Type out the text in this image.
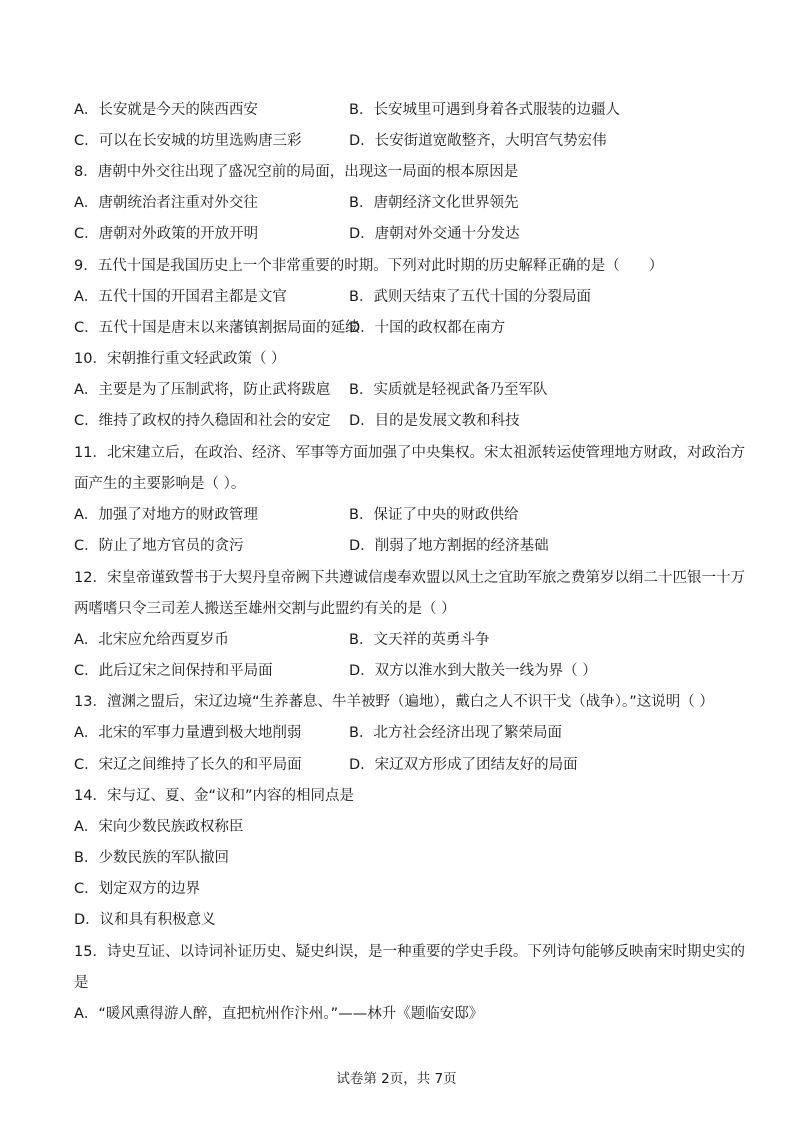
A．长安就是今天的陕西西安	B．长安城里可遇到身着各式服装的边疆人
C．可以在长安城的坊里选购唐三彩	D．长安街道宽敞整齐，大明宫气势宏伟
8．唐朝中外交往出现了盛况空前的局面，出现这一局面的根本原因是
A．唐朝统治者注重对外交往	B．唐朝经济文化世界领先
C．唐朝对外政策的开放开明	D．唐朝对外交通十分发达
9．五代十国是我国历史上一个非常重要的时期。下列对此时期的历史解释正确的是（　　）
A．五代十国的开国君主都是文官	B．武则天结束了五代十国的分裂局面
C．五代十国是唐末以来藩镇割据局面的延续
D．十国的政权都在南方
10．宋朝推行重文轻武政策（ ）
A．主要是为了压制武将，防止武将跋扈 B．实质就是轻视武备乃至军队
C．维持了政权的持久稳固和社会的安定 D．目的是发展文教和科技
11．北宋建立后，在政治、经济、军事等方面加强了中央集权。宋太祖派转运使管理地方财政，对政治方
面产生的主要影响是（ ）。
A．加强了对地方的财政管理	B．保证了中央的财政供给
C．防止了地方官员的贪污	D．削弱了地方割据的经济基础
12．宋皇帝谨致誓书于大契丹皇帝阙下共遵诚信虔奉欢盟以风土之宜助军旅之费第岁以绢二十匹银一十万
两嗜嗜只令三司差人搬送至雄州交割与此盟约有关的是（ ）
A．北宋应允给西夏岁币	B．文天祥的英勇斗争
C．此后辽宋之间保持和平局面	D．双方以淮水到大散关一线为界（ ）
13．澶渊之盟后，宋辽边境“生养蕃息、牛羊被野（遍地），戴白之人不识干戈（战争）。”这说明（ ）
A．北宋的军事力量遭到极大地削弱	B．北方社会经济出现了繁荣局面
C．宋辽之间维持了长久的和平局面	D．宋辽双方形成了团结友好的局面
14．宋与辽、夏、金“议和”内容的相同点是
A．宋向少数民族政权称臣
B．少数民族的军队撤回
C．划定双方的边界
D．议和具有积极意义
15．诗史互证、以诗词补证历史、疑史纠误，是一种重要的学史手段。下列诗句能够反映南宋时期史实的
是
A．“暖风熏得游人醉，直把杭州作汴州。”——林升《题临安邸》
试卷第 2页，共 7页
